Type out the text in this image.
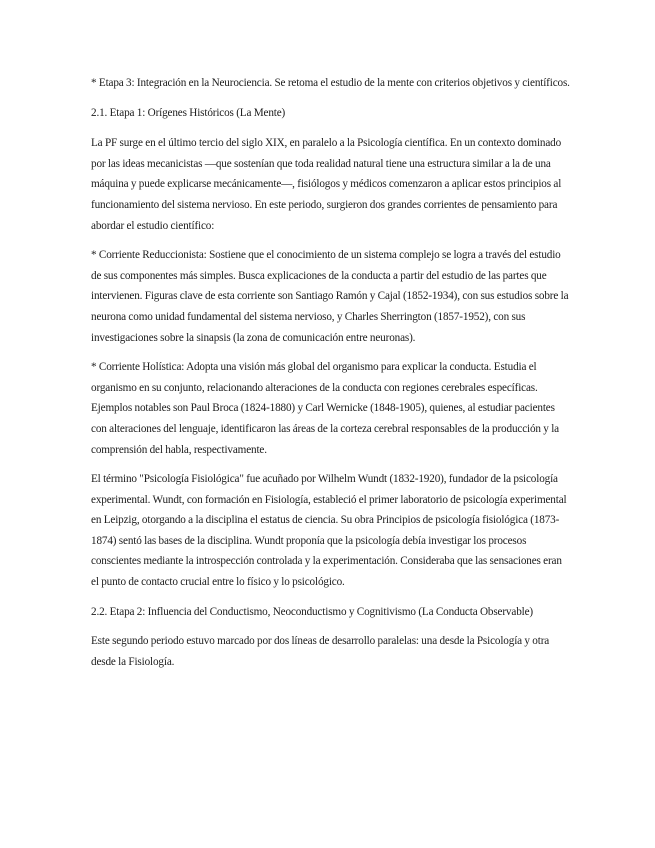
* Etapa 3: Integración en la Neurociencia. Se retoma el estudio de la mente con criterios objetivos y científicos.

2.1. Etapa 1: Orígenes Históricos (La Mente)

La PF surge en el último tercio del siglo XIX, en paralelo a la Psicología científica. En un contexto dominado por las ideas mecanicistas —que sostenían que toda realidad natural tiene una estructura similar a la de una máquina y puede explicarse mecánicamente—, fisiólogos y médicos comenzaron a aplicar estos principios al funcionamiento del sistema nervioso. En este periodo, surgieron dos grandes corrientes de pensamiento para abordar el estudio científico:

* Corriente Reduccionista: Sostiene que el conocimiento de un sistema complejo se logra a través del estudio de sus componentes más simples. Busca explicaciones de la conducta a partir del estudio de las partes que intervienen. Figuras clave de esta corriente son Santiago Ramón y Cajal (1852-1934), con sus estudios sobre la neurona como unidad fundamental del sistema nervioso, y Charles Sherrington (1857-1952), con sus investigaciones sobre la sinapsis (la zona de comunicación entre neuronas).

* Corriente Holística: Adopta una visión más global del organismo para explicar la conducta. Estudia el organismo en su conjunto, relacionando alteraciones de la conducta con regiones cerebrales específicas. Ejemplos notables son Paul Broca (1824-1880) y Carl Wernicke (1848-1905), quienes, al estudiar pacientes con alteraciones del lenguaje, identificaron las áreas de la corteza cerebral responsables de la producción y la comprensión del habla, respectivamente.

El término "Psicología Fisiológica" fue acuñado por Wilhelm Wundt (1832-1920), fundador de la psicología experimental. Wundt, con formación en Fisiología, estableció el primer laboratorio de psicología experimental en Leipzig, otorgando a la disciplina el estatus de ciencia. Su obra Principios de psicología fisiológica (1873-1874) sentó las bases de la disciplina. Wundt proponía que la psicología debía investigar los procesos conscientes mediante la introspección controlada y la experimentación. Consideraba que las sensaciones eran el punto de contacto crucial entre lo físico y lo psicológico.

2.2. Etapa 2: Influencia del Conductismo, Neoconductismo y Cognitivismo (La Conducta Observable)

Este segundo periodo estuvo marcado por dos líneas de desarrollo paralelas: una desde la Psicología y otra desde la Fisiología.
